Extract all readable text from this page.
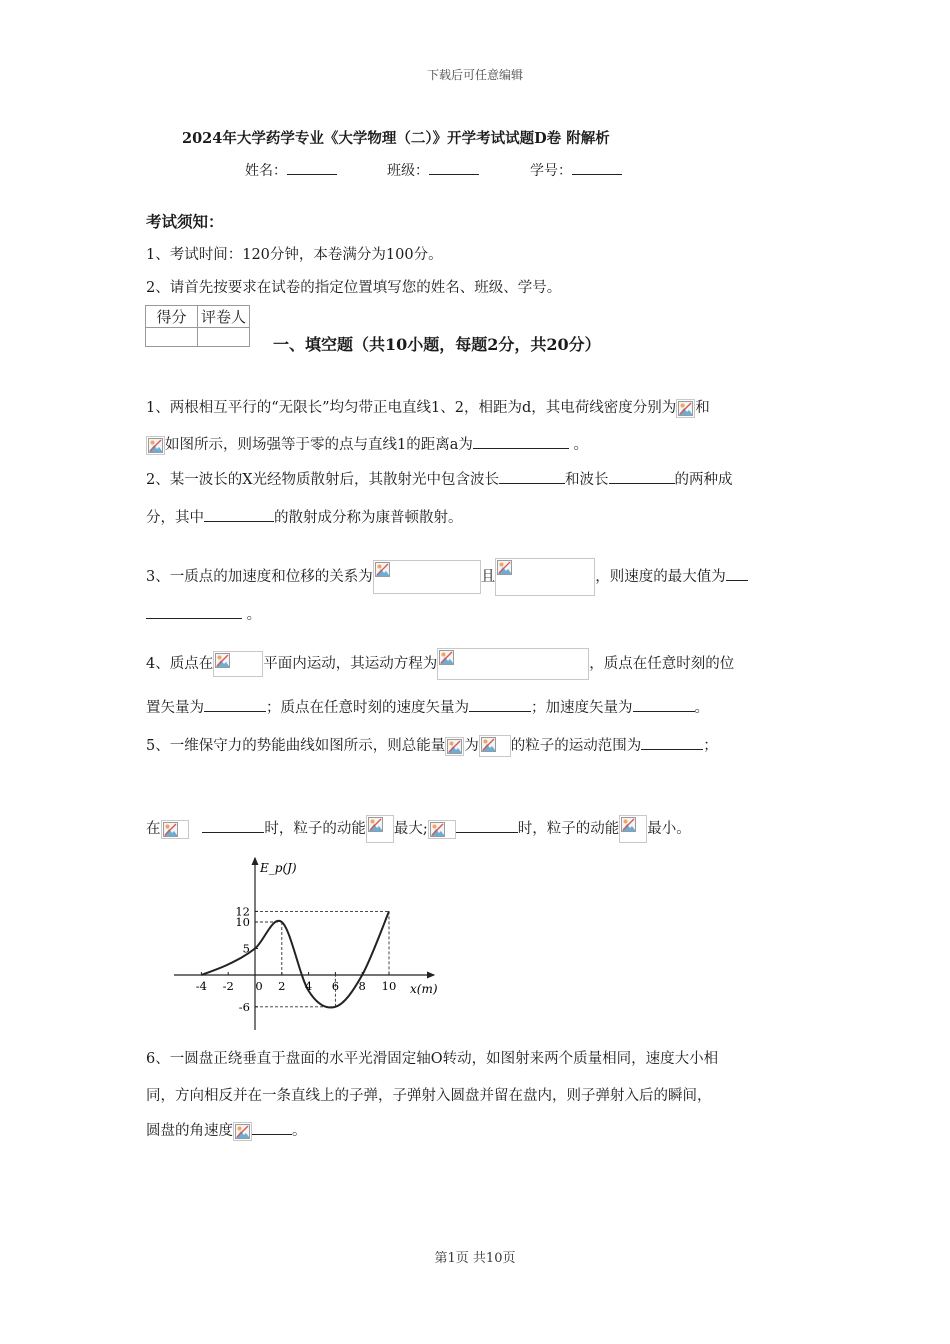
下载后可任意编辑
2024年大学药学专业《大学物理（二）》开学考试试题D卷 附解析
姓名：	班级：	学号：
考试须知：
1、考试时间：120分钟，本卷满分为100分。
2、请首先按要求在试卷的指定位置填写您的姓名、班级、学号。
得分	评卷人

一、填空题（共10小题，每题2分，共20分）
1、两根相互平行的“无限长”均匀带正电直线1、2，相距为d，其电荷线密度分别为 和
如图所示，则场强等于零的点与直线1的距离a为	。
2、某一波长的X光经物质散射后，其散射光中包含波长	和波长	的两种成
分，其中	的散射成分称为康普顿散射。
3、一质点的加速度和位移的关系为	且	，则速度的最大值为
。
4、质点在	平面内运动，其运动方程为	，质点在任意时刻的位
置矢量为	；质点在任意时刻的速度矢量为	；加速度矢量为	。
5、一维保守力的势能曲线如图所示，则总能量 为 的粒子的运动范围为	；
在	时，粒子的动能 最大;	时，粒子的动能 最小。
-4 -2 0 2 4 6 8 10
12
10
5
-6
E_p(J)
x(m)
6、一圆盘正绕垂直于盘面的水平光滑固定轴O转动，如图射来两个质量相同，速度大小相
同，方向相反并在一条直线上的子弹，子弹射入圆盘并留在盘内，则子弹射入后的瞬间，
圆盘的角速度	。
第1页 共10页
